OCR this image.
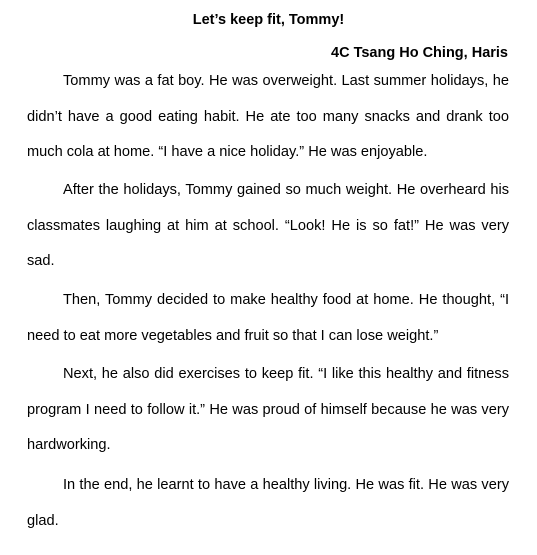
Let’s keep fit, Tommy!

4C Tsang Ho Ching, Haris

Tommy was a fat boy. He was overweight. Last summer holidays, he didn’t have a good eating habit. He ate too many snacks and drank too much cola at home. “I have a nice holiday.” He was enjoyable.

After the holidays, Tommy gained so much weight. He overheard his classmates laughing at him at school. “Look! He is so fat!” He was very sad.

Then, Tommy decided to make healthy food at home. He thought, “I need to eat more vegetables and fruit so that I can lose weight.”

Next, he also did exercises to keep fit. “I like this healthy and fitness program I need to follow it.” He was proud of himself because he was very hardworking.

In the end, he learnt to have a healthy living. He was fit. He was very glad.
